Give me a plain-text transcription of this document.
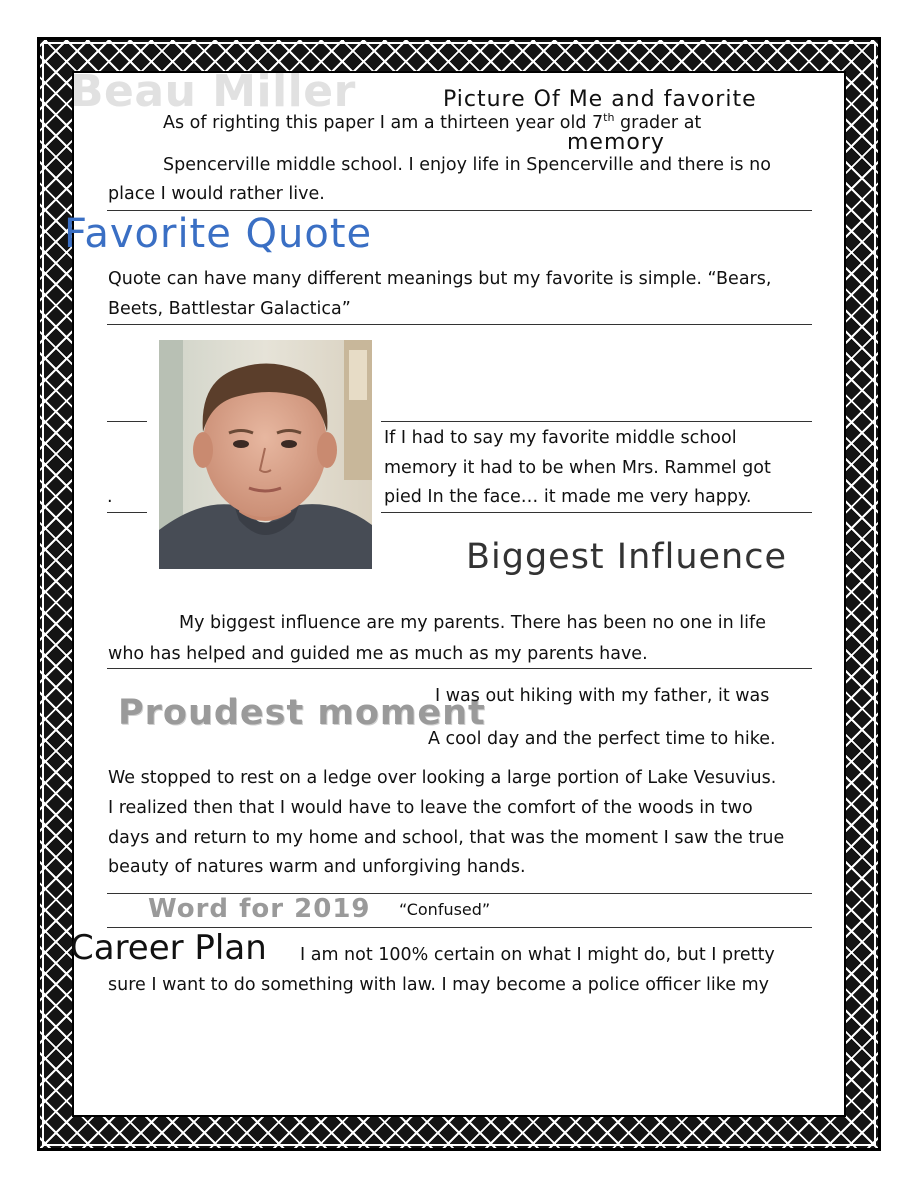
Beau Miller	Picture Of Me and favorite
memory
As of righting this paper I am a thirteen year old 7th grader at
Spencerville middle school. I enjoy life in Spencerville and there is no
place I would rather live.
Favorite Quote
Quote can have many different meanings but my favorite is simple. “Bears,
Beets, Battlestar Galactica”
If I had to say my favorite middle school
memory it had to be when Mrs. Rammel got
pied In the face… it made me very happy.
.
Biggest Influence
My biggest influence are my parents. There has been no one in life
who has helped and guided me as much as my parents have.
Proudest moment
I was out hiking with my father, it was
A cool day and the perfect time to hike.
We stopped to rest on a ledge over looking a large portion of Lake Vesuvius.
I realized then that I would have to leave the comfort of the woods in two
days and return to my home and school, that was the moment I saw the true
beauty of natures warm and unforgiving hands.
Word for 2019 “Confused”
Career Plan I am not 100% certain on what I might do, but I pretty
sure I want to do something with law. I may become a police officer like my
